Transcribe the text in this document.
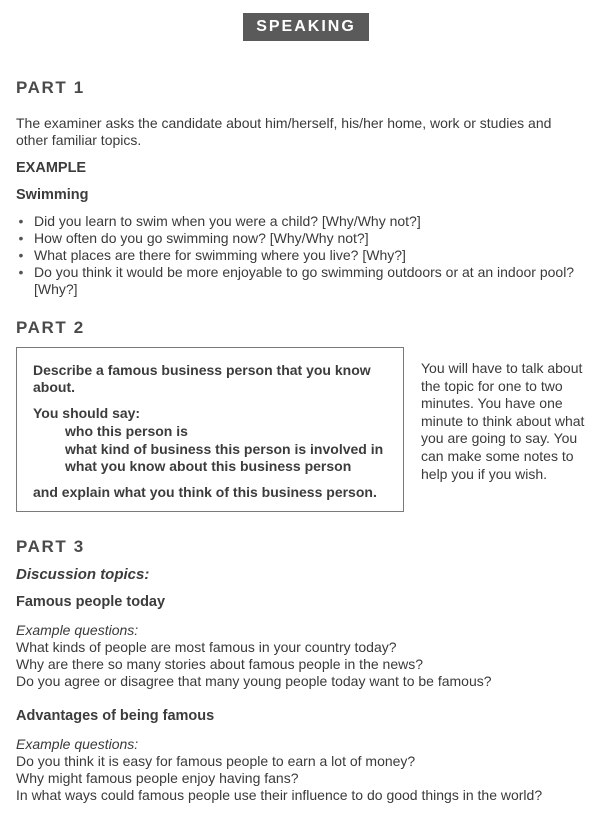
SPEAKING
PART 1
The examiner asks the candidate about him/herself, his/her home, work or studies and
other familiar topics.
EXAMPLE
Swimming
• Did you learn to swim when you were a child? [Why/Why not?]
• How often do you go swimming now? [Why/Why not?]
• What places are there for swimming where you live? [Why?]
• Do you think it would be more enjoyable to go swimming outdoors or at an indoor pool? [Why?]
PART 2
Describe a famous business person that you know
about.
You should say:
who this person is
what kind of business this person is involved in
what you know about this business person
and explain what you think of this business person.
You will have to talk about the topic for one to two minutes. You have one minute to think about what you are going to say. You can make some notes to help you if you wish.
PART 3
Discussion topics:
Famous people today
Example questions:
What kinds of people are most famous in your country today?
Why are there so many stories about famous people in the news?
Do you agree or disagree that many young people today want to be famous?
Advantages of being famous
Example questions:
Do you think it is easy for famous people to earn a lot of money?
Why might famous people enjoy having fans?
In what ways could famous people use their influence to do good things in the world?
